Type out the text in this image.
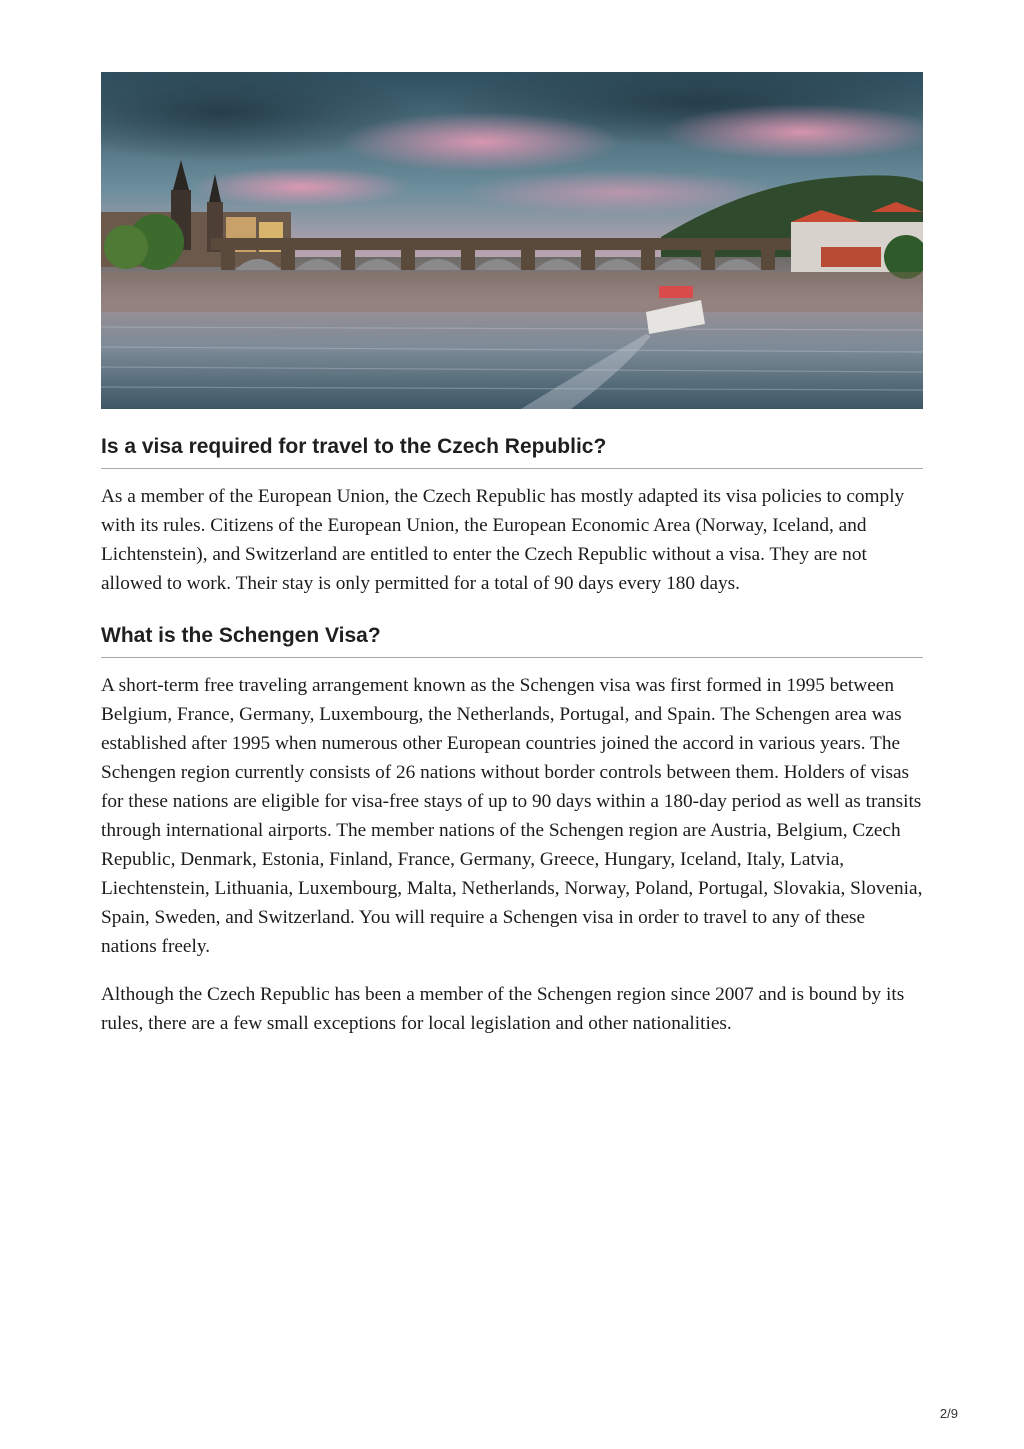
Is a visa required for travel to the Czech Republic?

As a member of the European Union, the Czech Republic has mostly adapted its visa policies to comply with its rules. Citizens of the European Union, the European Economic Area (Norway, Iceland, and Lichtenstein), and Switzerland are entitled to enter the Czech Republic without a visa. They are not allowed to work. Their stay is only permitted for a total of 90 days every 180 days.

What is the Schengen Visa?

A short-term free traveling arrangement known as the Schengen visa was first formed in 1995 between Belgium, France, Germany, Luxembourg, the Netherlands, Portugal, and Spain. The Schengen area was established after 1995 when numerous other European countries joined the accord in various years. The Schengen region currently consists of 26 nations without border controls between them. Holders of visas for these nations are eligible for visa-free stays of up to 90 days within a 180-day period as well as transits through international airports. The member nations of the Schengen region are Austria, Belgium, Czech Republic, Denmark, Estonia, Finland, France, Germany, Greece, Hungary, Iceland, Italy, Latvia, Liechtenstein, Lithuania, Luxembourg, Malta, Netherlands, Norway, Poland, Portugal, Slovakia, Slovenia, Spain, Sweden, and Switzerland. You will require a Schengen visa in order to travel to any of these nations freely.

Although the Czech Republic has been a member of the Schengen region since 2007 and is bound by its rules, there are a few small exceptions for local legislation and other nationalities.

2/9
